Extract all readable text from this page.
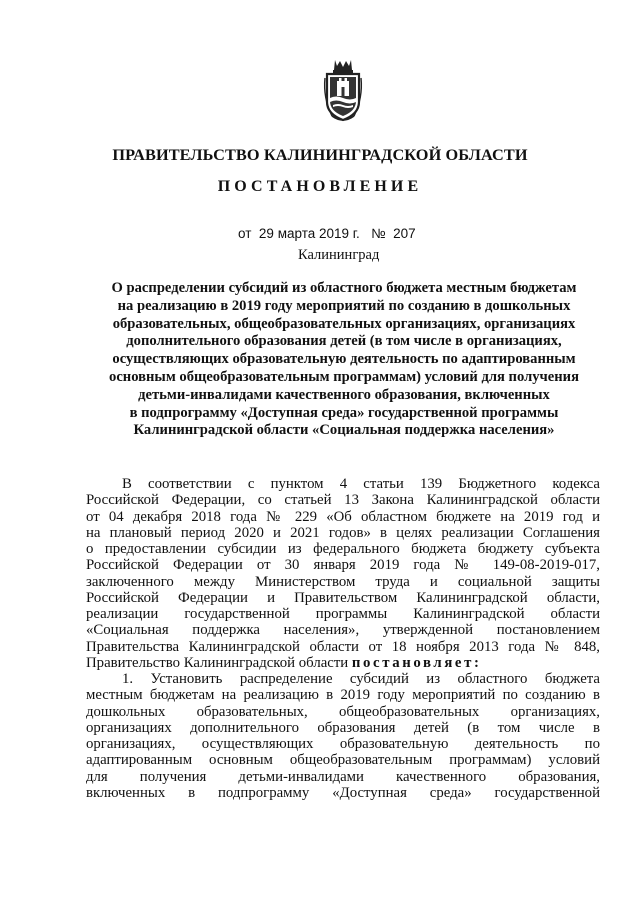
ПРАВИТЕЛЬСТВО КАЛИНИНГРАДСКОЙ ОБЛАСТИ
ПОСТАНОВЛЕНИЕ
от 29 марта 2019 г. № 207
Калининград
О распределении субсидий из областного бюджета местным бюджетам
на реализацию в 2019 году мероприятий по созданию в дошкольных
образовательных, общеобразовательных организациях, организациях
дополнительного образования детей (в том числе в организациях,
осуществляющих образовательную деятельность по адаптированным
основным общеобразовательным программам) условий для получения
детьми-инвалидами качественного образования, включенных
в подпрограмму «Доступная среда» государственной программы
Калининградской области «Социальная поддержка населения»
В соответствии с пунктом 4 статьи 139 Бюджетного кодекса
Российской Федерации, со статьей 13 Закона Калининградской области
от 04 декабря 2018 года № 229 «Об областном бюджете на 2019 год и
на плановый период 2020 и 2021 годов» в целях реализации Соглашения
о предоставлении субсидии из федерального бюджета бюджету субъекта
Российской Федерации от 30 января 2019 года № 149-08-2019-017,
заключенного между Министерством труда и социальной защиты
Российской Федерации и Правительством Калининградской области,
реализации государственной программы Калининградской области
«Социальная поддержка населения», утвержденной постановлением
Правительства Калининградской области от 18 ноября 2013 года № 848,
Правительство Калининградской области постановляет:
1. Установить распределение субсидий из областного бюджета
местным бюджетам на реализацию в 2019 году мероприятий по созданию в
дошкольных образовательных, общеобразовательных организациях,
организациях дополнительного образования детей (в том числе в
организациях, осуществляющих образовательную деятельность по
адаптированным основным общеобразовательным программам) условий
для получения детьми-инвалидами качественного образования,
включенных в подпрограмму «Доступная среда» государственной
